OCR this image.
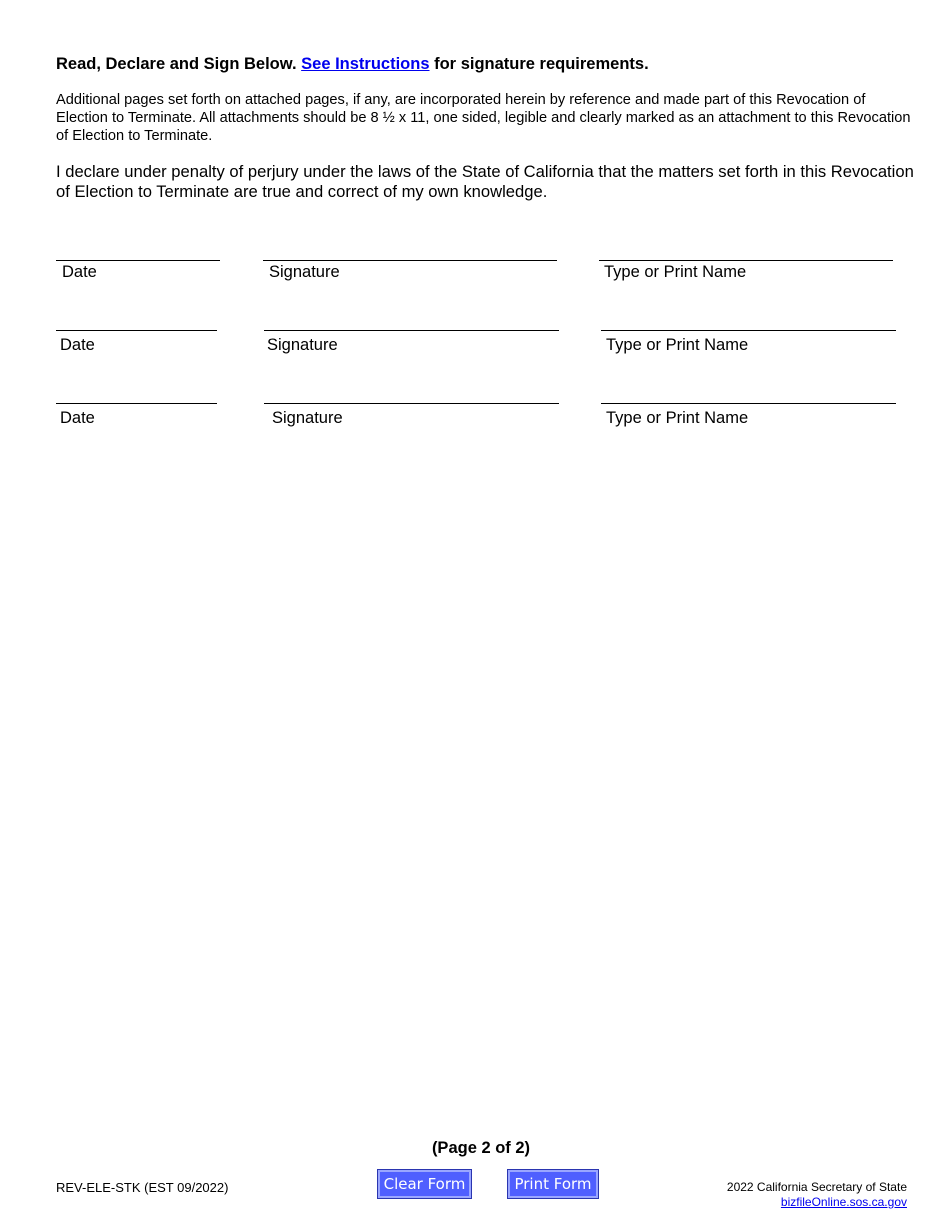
Read, Declare and Sign Below. See Instructions for signature requirements.
Additional pages set forth on attached pages, if any, are incorporated herein by reference and made part of this Revocation of Election to Terminate. All attachments should be 8 ½ x 11, one sided, legible and clearly marked as an attachment to this Revocation of Election to Terminate.
I declare under penalty of perjury under the laws of the State of California that the matters set forth in this Revocation of Election to Terminate are true and correct of my own knowledge.
Date	Signature	Type or Print Name
Date	Signature	Type or Print Name
Date	Signature	Type or Print Name
(Page 2 of 2)
REV-ELE-STK (EST 09/2022)	Clear Form	Print Form	2022 California Secretary of State
bizfileOnline.sos.ca.gov
